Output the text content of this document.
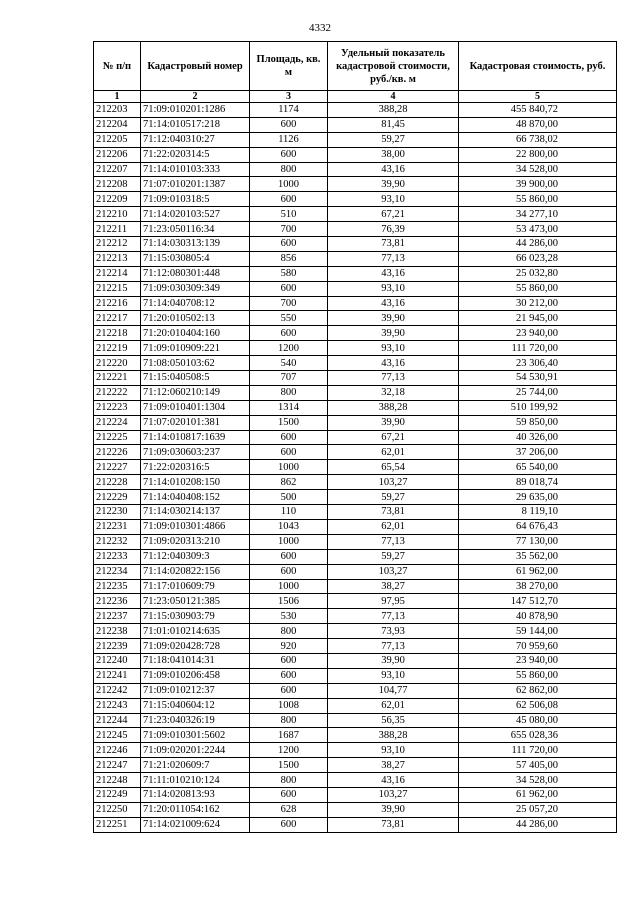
4332
№ п/п	Кадастровый номер	Площадь, кв. м	Удельный показатель кадастровой стоимости, руб./кв. м	Кадастровая стоимость, руб.
1	2	3	4	5
212203	71:09:010201:1286	1174	388,28	455 840,72
212204	71:14:010517:218	600	81,45	48 870,00
212205	71:12:040310:27	1126	59,27	66 738,02
212206	71:22:020314:5	600	38,00	22 800,00
212207	71:14:010103:333	800	43,16	34 528,00
212208	71:07:010201:1387	1000	39,90	39 900,00
212209	71:09:010318:5	600	93,10	55 860,00
212210	71:14:020103:527	510	67,21	34 277,10
212211	71:23:050116:34	700	76,39	53 473,00
212212	71:14:030313:139	600	73,81	44 286,00
212213	71:15:030805:4	856	77,13	66 023,28
212214	71:12:080301:448	580	43,16	25 032,80
212215	71:09:030309:349	600	93,10	55 860,00
212216	71:14:040708:12	700	43,16	30 212,00
212217	71:20:010502:13	550	39,90	21 945,00
212218	71:20:010404:160	600	39,90	23 940,00
212219	71:09:010909:221	1200	93,10	111 720,00
212220	71:08:050103:62	540	43,16	23 306,40
212221	71:15:040508:5	707	77,13	54 530,91
212222	71:12:060210:149	800	32,18	25 744,00
212223	71:09:010401:1304	1314	388,28	510 199,92
212224	71:07:020101:381	1500	39,90	59 850,00
212225	71:14:010817:1639	600	67,21	40 326,00
212226	71:09:030603:237	600	62,01	37 206,00
212227	71:22:020316:5	1000	65,54	65 540,00
212228	71:14:010208:150	862	103,27	89 018,74
212229	71:14:040408:152	500	59,27	29 635,00
212230	71:14:030214:137	110	73,81	8 119,10
212231	71:09:010301:4866	1043	62,01	64 676,43
212232	71:09:020313:210	1000	77,13	77 130,00
212233	71:12:040309:3	600	59,27	35 562,00
212234	71:14:020822:156	600	103,27	61 962,00
212235	71:17:010609:79	1000	38,27	38 270,00
212236	71:23:050121:385	1506	97,95	147 512,70
212237	71:15:030903:79	530	77,13	40 878,90
212238	71:01:010214:635	800	73,93	59 144,00
212239	71:09:020428:728	920	77,13	70 959,60
212240	71:18:041014:31	600	39,90	23 940,00
212241	71:09:010206:458	600	93,10	55 860,00
212242	71:09:010212:37	600	104,77	62 862,00
212243	71:15:040604:12	1008	62,01	62 506,08
212244	71:23:040326:19	800	56,35	45 080,00
212245	71:09:010301:5602	1687	388,28	655 028,36
212246	71:09:020201:2244	1200	93,10	111 720,00
212247	71:21:020609:7	1500	38,27	57 405,00
212248	71:11:010210:124	800	43,16	34 528,00
212249	71:14:020813:93	600	103,27	61 962,00
212250	71:20:011054:162	628	39,90	25 057,20
212251	71:14:021009:624	600	73,81	44 286,00
